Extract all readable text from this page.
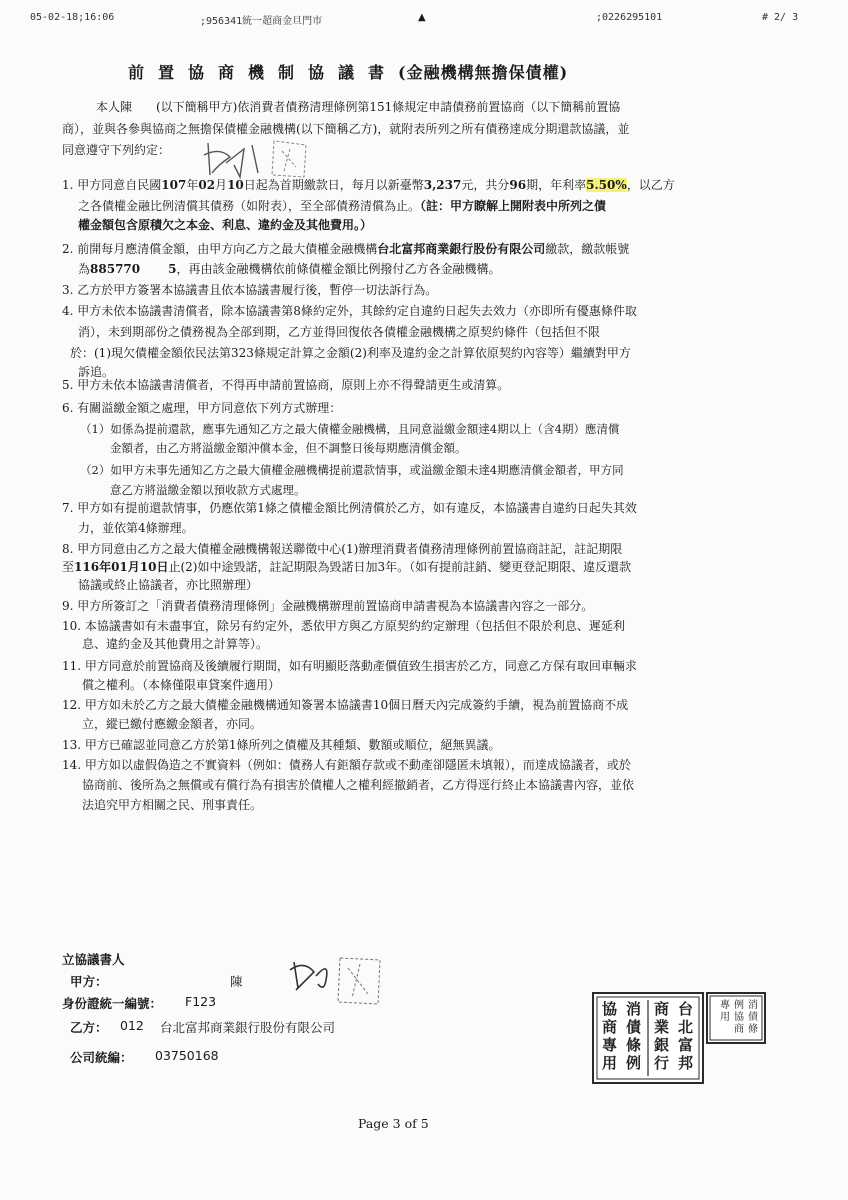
05-02-18;16:06	;956341統一超商金旦門市	▲	;0226295101	# 2/ 3
前置協商機制協議書(金融機構無擔保債權)
本人陳　　(以下簡稱甲方)依消費者債務清理條例第151條規定申請債務前置協商（以下簡稱前置協
商），並與各參與協商之無擔保債權金融機構(以下簡稱乙方)，就附表所列之所有債務達成分期還款協議，並
同意遵守下列約定：
1. 甲方同意自民國107年02月10日起為首期繳款日，每月以新臺幣3,237元，共分96期，年利率5.50%，以乙方
之各債權金融比例清償其債務（如附表），至全部債務清償為止。（註：甲方瞭解上開附表中所列之債
權金額包含原積欠之本金、利息、違約金及其他費用。）
2. 前開每月應清償金額，由甲方向乙方之最大債權金融機構台北富邦商業銀行股份有限公司繳款，繳款帳號
為885770 5，再由該金融機構依前條債權金額比例撥付乙方各金融機構。
3. 乙方於甲方簽署本協議書且依本協議書履行後，暫停一切法訴行為。
4. 甲方未依本協議書清償者，除本協議書第8條約定外，其餘約定自違約日起失去效力（亦即所有優惠條件取
消），未到期部份之債務視為全部到期，乙方並得回復依各債權金融機構之原契約條件（包括但不限
於：(1)現欠債權金額依民法第323條規定計算之金額(2)利率及違約金之計算依原契約內容等）繼續對甲方
訴追。
5. 甲方未依本協議書清償者，不得再申請前置協商，原則上亦不得聲請更生或清算。
6. 有關溢繳金額之處理，甲方同意依下列方式辦理：
（1）如係為提前還款，應事先通知乙方之最大債權金融機構，且同意溢繳金額達4期以上（含4期）應清償
金額者，由乙方將溢繳金額沖償本金，但不調整日後每期應清償金額。
（2）如甲方未事先通知乙方之最大債權金融機構提前還款情事，或溢繳金額未達4期應清償金額者，甲方同
意乙方將溢繳金額以預收款方式處理。
7. 甲方如有提前還款情事，仍應依第1條之債權金額比例清償於乙方，如有違反，本協議書自違約日起失其效
力，並依第4條辦理。
8. 甲方同意由乙方之最大債權金融機構報送聯徵中心(1)辦理消費者債務清理條例前置協商註記，註記期限
至116年01月10日止(2)如中途毀諾，註記期限為毀諾日加3年。（如有提前註銷、變更登記期限、違反還款
協議或終止協議者，亦比照辦理）
9. 甲方所簽訂之「消費者債務清理條例」金融機構辦理前置協商申請書視為本協議書內容之一部分。
10. 本協議書如有未盡事宜，除另有約定外，悉依甲方與乙方原契約約定辦理（包括但不限於利息、遲延利
息、違約金及其他費用之計算等）。
11. 甲方同意於前置協商及後續履行期間，如有明顯貶落動產價值致生損害於乙方，同意乙方保有取回車輛求
償之權利。（本條僅限車貸案件適用）
12. 甲方如未於乙方之最大債權金融機構通知簽署本協議書10個日曆天內完成簽約手續，視為前置協商不成
立，縱已繳付應繳金額者，亦同。
13. 甲方已確認並同意乙方於第1條所列之債權及其種類、數額或順位，絕無異議。
14. 甲方如以虛假偽造之不實資料（例如：債務人有鉅額存款或不動產卻隱匿未填報），而達成協議者，或於
協商前、後所為之無償或有償行為有損害於債權人之權利經撤銷者，乙方得逕行終止本協議書內容，並依
法追究甲方相關之民、刑事責任。
立協議書人
甲方：	陳
身份證統一編號： F123
乙方： 012 台北富邦商業銀行股份有限公司
公司統編： 03750168
台
北
富
邦
商
業
銀
行
消
債
條
例
協
商
專
用
消
債
條
例
協
商
專
用
Page 3 of 5
